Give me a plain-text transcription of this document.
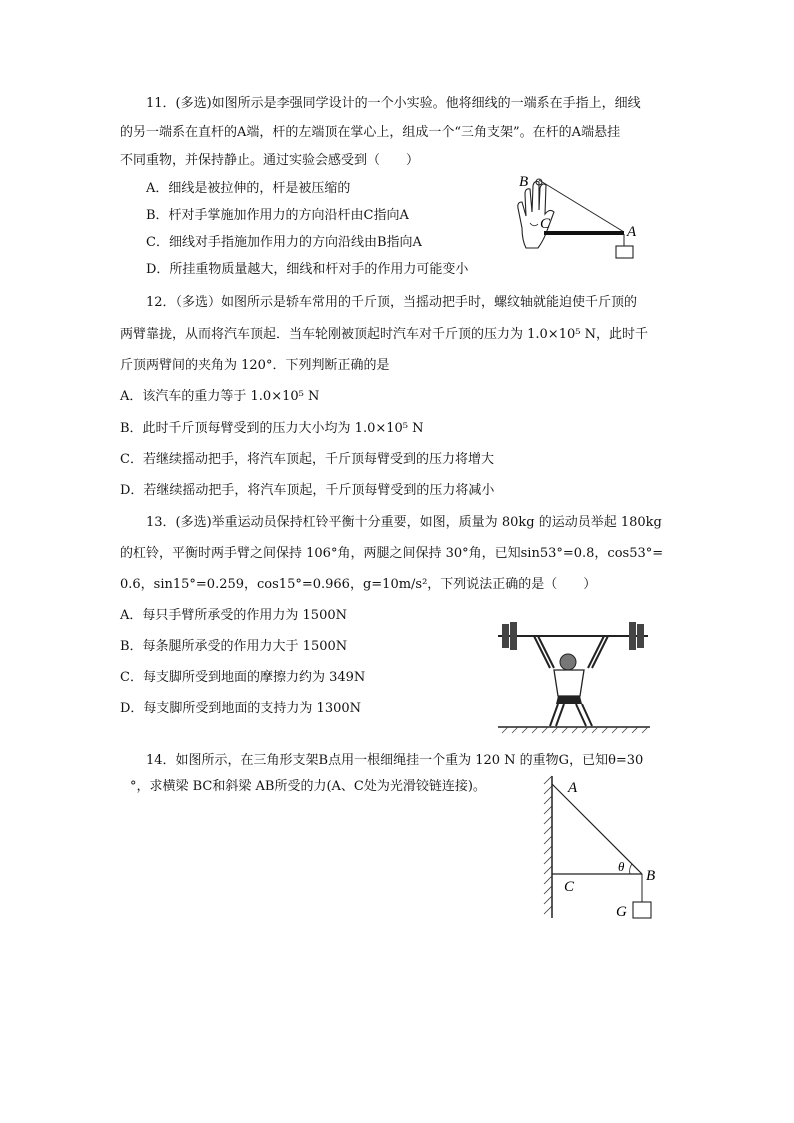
11．(多选)如图所示是李强同学设计的一个小实验。他将细线的一端系在手指上，细线
的另一端系在直杆的A端，杆的左端顶在掌心上，组成一个“三角支架”。在杆的A端悬挂
不同重物，并保持静止。通过实验会感受到（　　）
A．细线是被拉伸的，杆是被压缩的
B．杆对手掌施加作用力的方向沿杆由C指向A
C．细线对手指施加作用力的方向沿线由B指向A
D．所挂重物质量越大，细线和杆对手的作用力可能变小
B
C	A
12．（多选）如图所示是轿车常用的千斤顶，当摇动把手时，螺纹轴就能迫使千斤顶的
两臂靠拢，从而将汽车顶起．当车轮刚被顶起时汽车对千斤顶的压力为 1.0×10⁵ N，此时千
斤顶两臂间的夹角为 120°．下列判断正确的是
A．该汽车的重力等于 1.0×10⁵ N
B．此时千斤顶每臂受到的压力大小均为 1.0×10⁵ N
C．若继续摇动把手，将汽车顶起，千斤顶每臂受到的压力将增大
D．若继续摇动把手，将汽车顶起，千斤顶每臂受到的压力将减小
13．(多选)举重运动员保持杠铃平衡十分重要，如图，质量为 80kg 的运动员举起 180kg
的杠铃，平衡时两手臂之间保持 106°角，两腿之间保持 30°角，已知sin53°=0.8，cos53°=
0.6，sin15°=0.259，cos15°=0.966，g=10m/s²，下列说法正确的是（　　）
A．每只手臂所承受的作用力为 1500N
B．每条腿所承受的作用力大于 1500N
C．每支脚所受到地面的摩擦力约为 349N
D．每支脚所受到地面的支持力为 1300N
14．如图所示，在三角形支架B点用一根细绳挂一个重为 120 N 的重物G，已知θ=30
°，求横梁 BC和斜梁 AB所受的力(A、C处为光滑铰链连接)。	A
C
θ
B
G
